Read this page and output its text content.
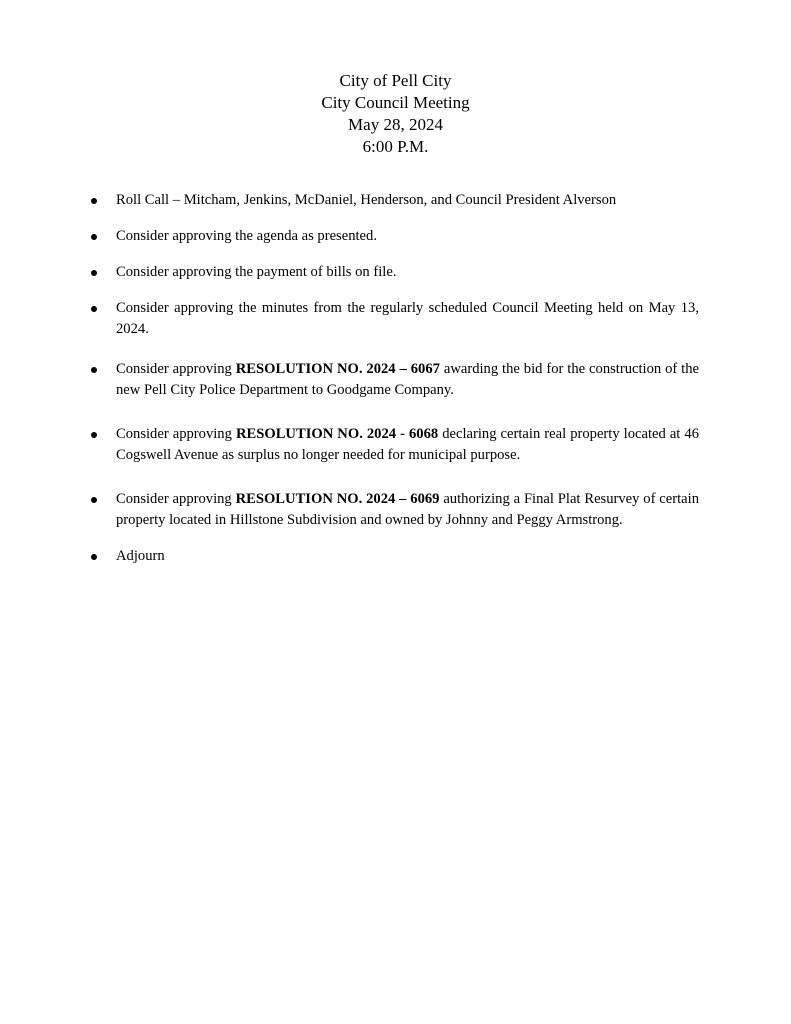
City of Pell City
City Council Meeting
May 28, 2024
6:00 P.M.
Roll Call – Mitcham, Jenkins, McDaniel, Henderson, and Council President Alverson
Consider approving the agenda as presented.
Consider approving the payment of bills on file.
Consider approving the minutes from the regularly scheduled Council Meeting held on May 13, 2024.
Consider approving RESOLUTION NO. 2024 – 6067 awarding the bid for the construction of the new Pell City Police Department to Goodgame Company.
Consider approving RESOLUTION NO. 2024 - 6068 declaring certain real property located at 46 Cogswell Avenue as surplus no longer needed for municipal purpose.
Consider approving RESOLUTION NO. 2024 – 6069 authorizing a Final Plat Resurvey of certain property located in Hillstone Subdivision and owned by Johnny and Peggy Armstrong.
Adjourn
